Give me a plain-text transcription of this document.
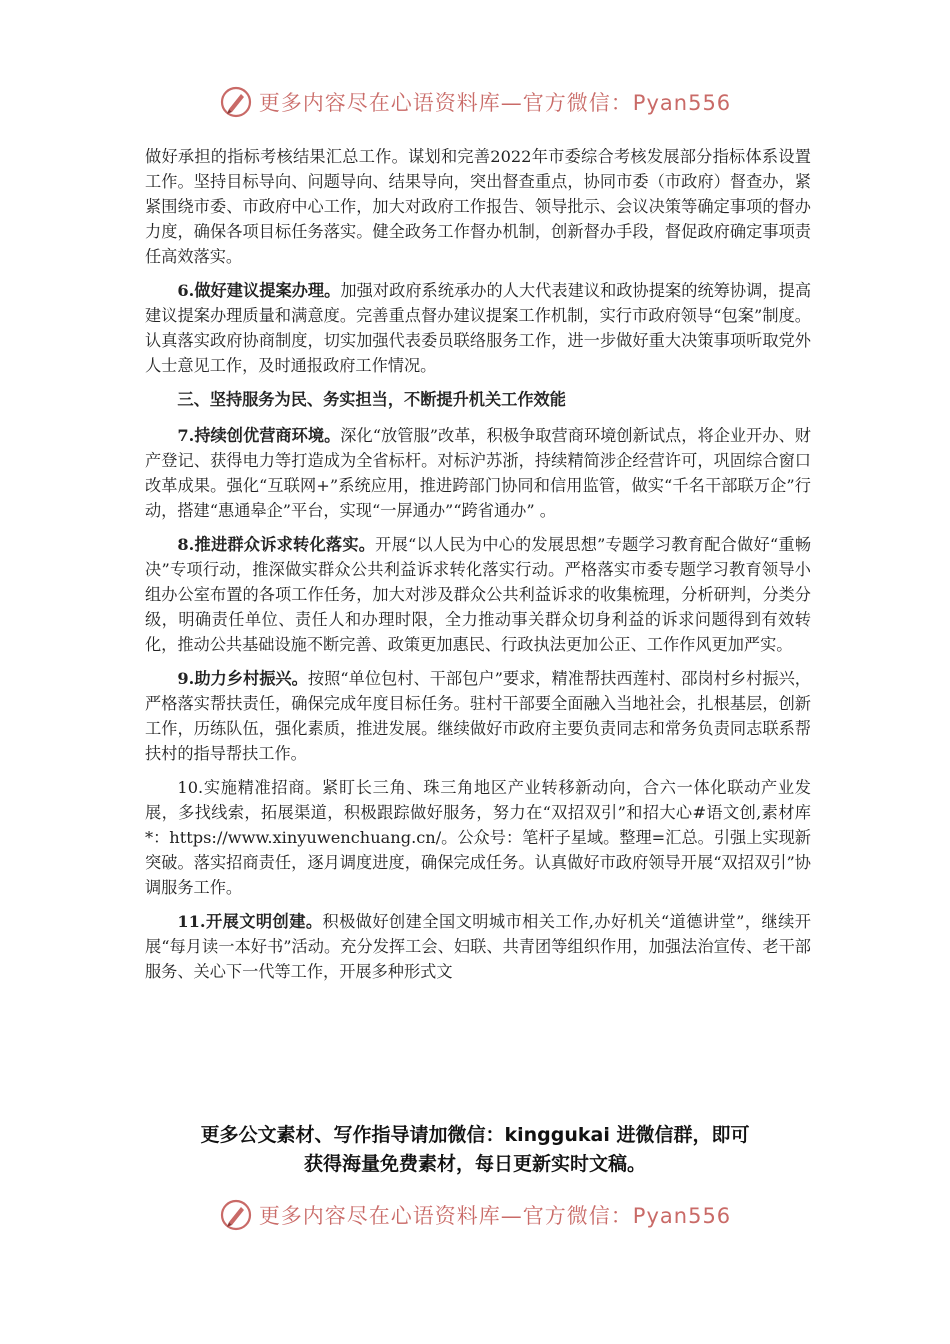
更多内容尽在心语资料库—官方微信：Pyan556

做好承担的指标考核结果汇总工作。谋划和完善2022年市委综合考核发展部分指标体系设置工作。坚持目标导向、问题导向、结果导向，突出督查重点，协同市委（市政府）督查办，紧紧围绕市委、市政府中心工作，加大对政府工作报告、领导批示、会议决策等确定事项的督办力度，确保各项目标任务落实。健全政务工作督办机制，创新督办手段，督促政府确定事项责任高效落实。

6.做好建议提案办理。加强对政府系统承办的人大代表建议和政协提案的统筹协调，提高建议提案办理质量和满意度。完善重点督办建议提案工作机制，实行市政府领导“包案”制度。认真落实政府协商制度，切实加强代表委员联络服务工作，进一步做好重大决策事项听取党外人士意见工作，及时通报政府工作情况。

三、坚持服务为民、务实担当，不断提升机关工作效能

7.持续创优营商环境。深化“放管服”改革，积极争取营商环境创新试点，将企业开办、财产登记、获得电力等打造成为全省标杆。对标沪苏浙，持续精简涉企经营许可，巩固综合窗口改革成果。强化“互联网+”系统应用，推进跨部门协同和信用监管，做实“千名干部联万企”行动，搭建“惠通皋企”平台，实现“一屏通办”“跨省通办” 。

8.推进群众诉求转化落实。开展“以人民为中心的发展思想”专题学习教育配合做好“重畅决”专项行动，推深做实群众公共利益诉求转化落实行动。严格落实市委专题学习教育领导小组办公室布置的各项工作任务，加大对涉及群众公共利益诉求的收集梳理，分析研判，分类分级，明确责任单位、责任人和办理时限，全力推动事关群众切身利益的诉求问题得到有效转化，推动公共基础设施不断完善、政策更加惠民、行政执法更加公正、工作作风更加严实。

9.助力乡村振兴。按照“单位包村、干部包户”要求，精准帮扶西莲村、邵岗村乡村振兴，严格落实帮扶责任，确保完成年度目标任务。驻村干部要全面融入当地社会，扎根基层，创新工作，历练队伍，强化素质，推进发展。继续做好市政府主要负责同志和常务负责同志联系帮扶村的指导帮扶工作。

10.实施精准招商。紧盯长三角、珠三角地区产业转移新动向，合六一体化联动产业发展，多找线索，拓展渠道，积极跟踪做好服务，努力在“双招双引”和招大心#语文创,素材库*：https://www.xinyuwenchuang.cn/。公众号：笔杆子星域。整理=汇总。引强上实现新突破。落实招商责任，逐月调度进度，确保完成任务。认真做好市政府领导开展“双招双引”协调服务工作。

11.开展文明创建。积极做好创建全国文明城市相关工作,办好机关“道德讲堂”，继续开展“每月读一本好书”活动。充分发挥工会、妇联、共青团等组织作用，加强法治宣传、老干部服务、关心下一代等工作，开展多种形式文

更多公文素材、写作指导请加微信：kinggukai 进微信群，即可
获得海量免费素材，每日更新实时文稿。
更多内容尽在心语资料库—官方微信：Pyan556
